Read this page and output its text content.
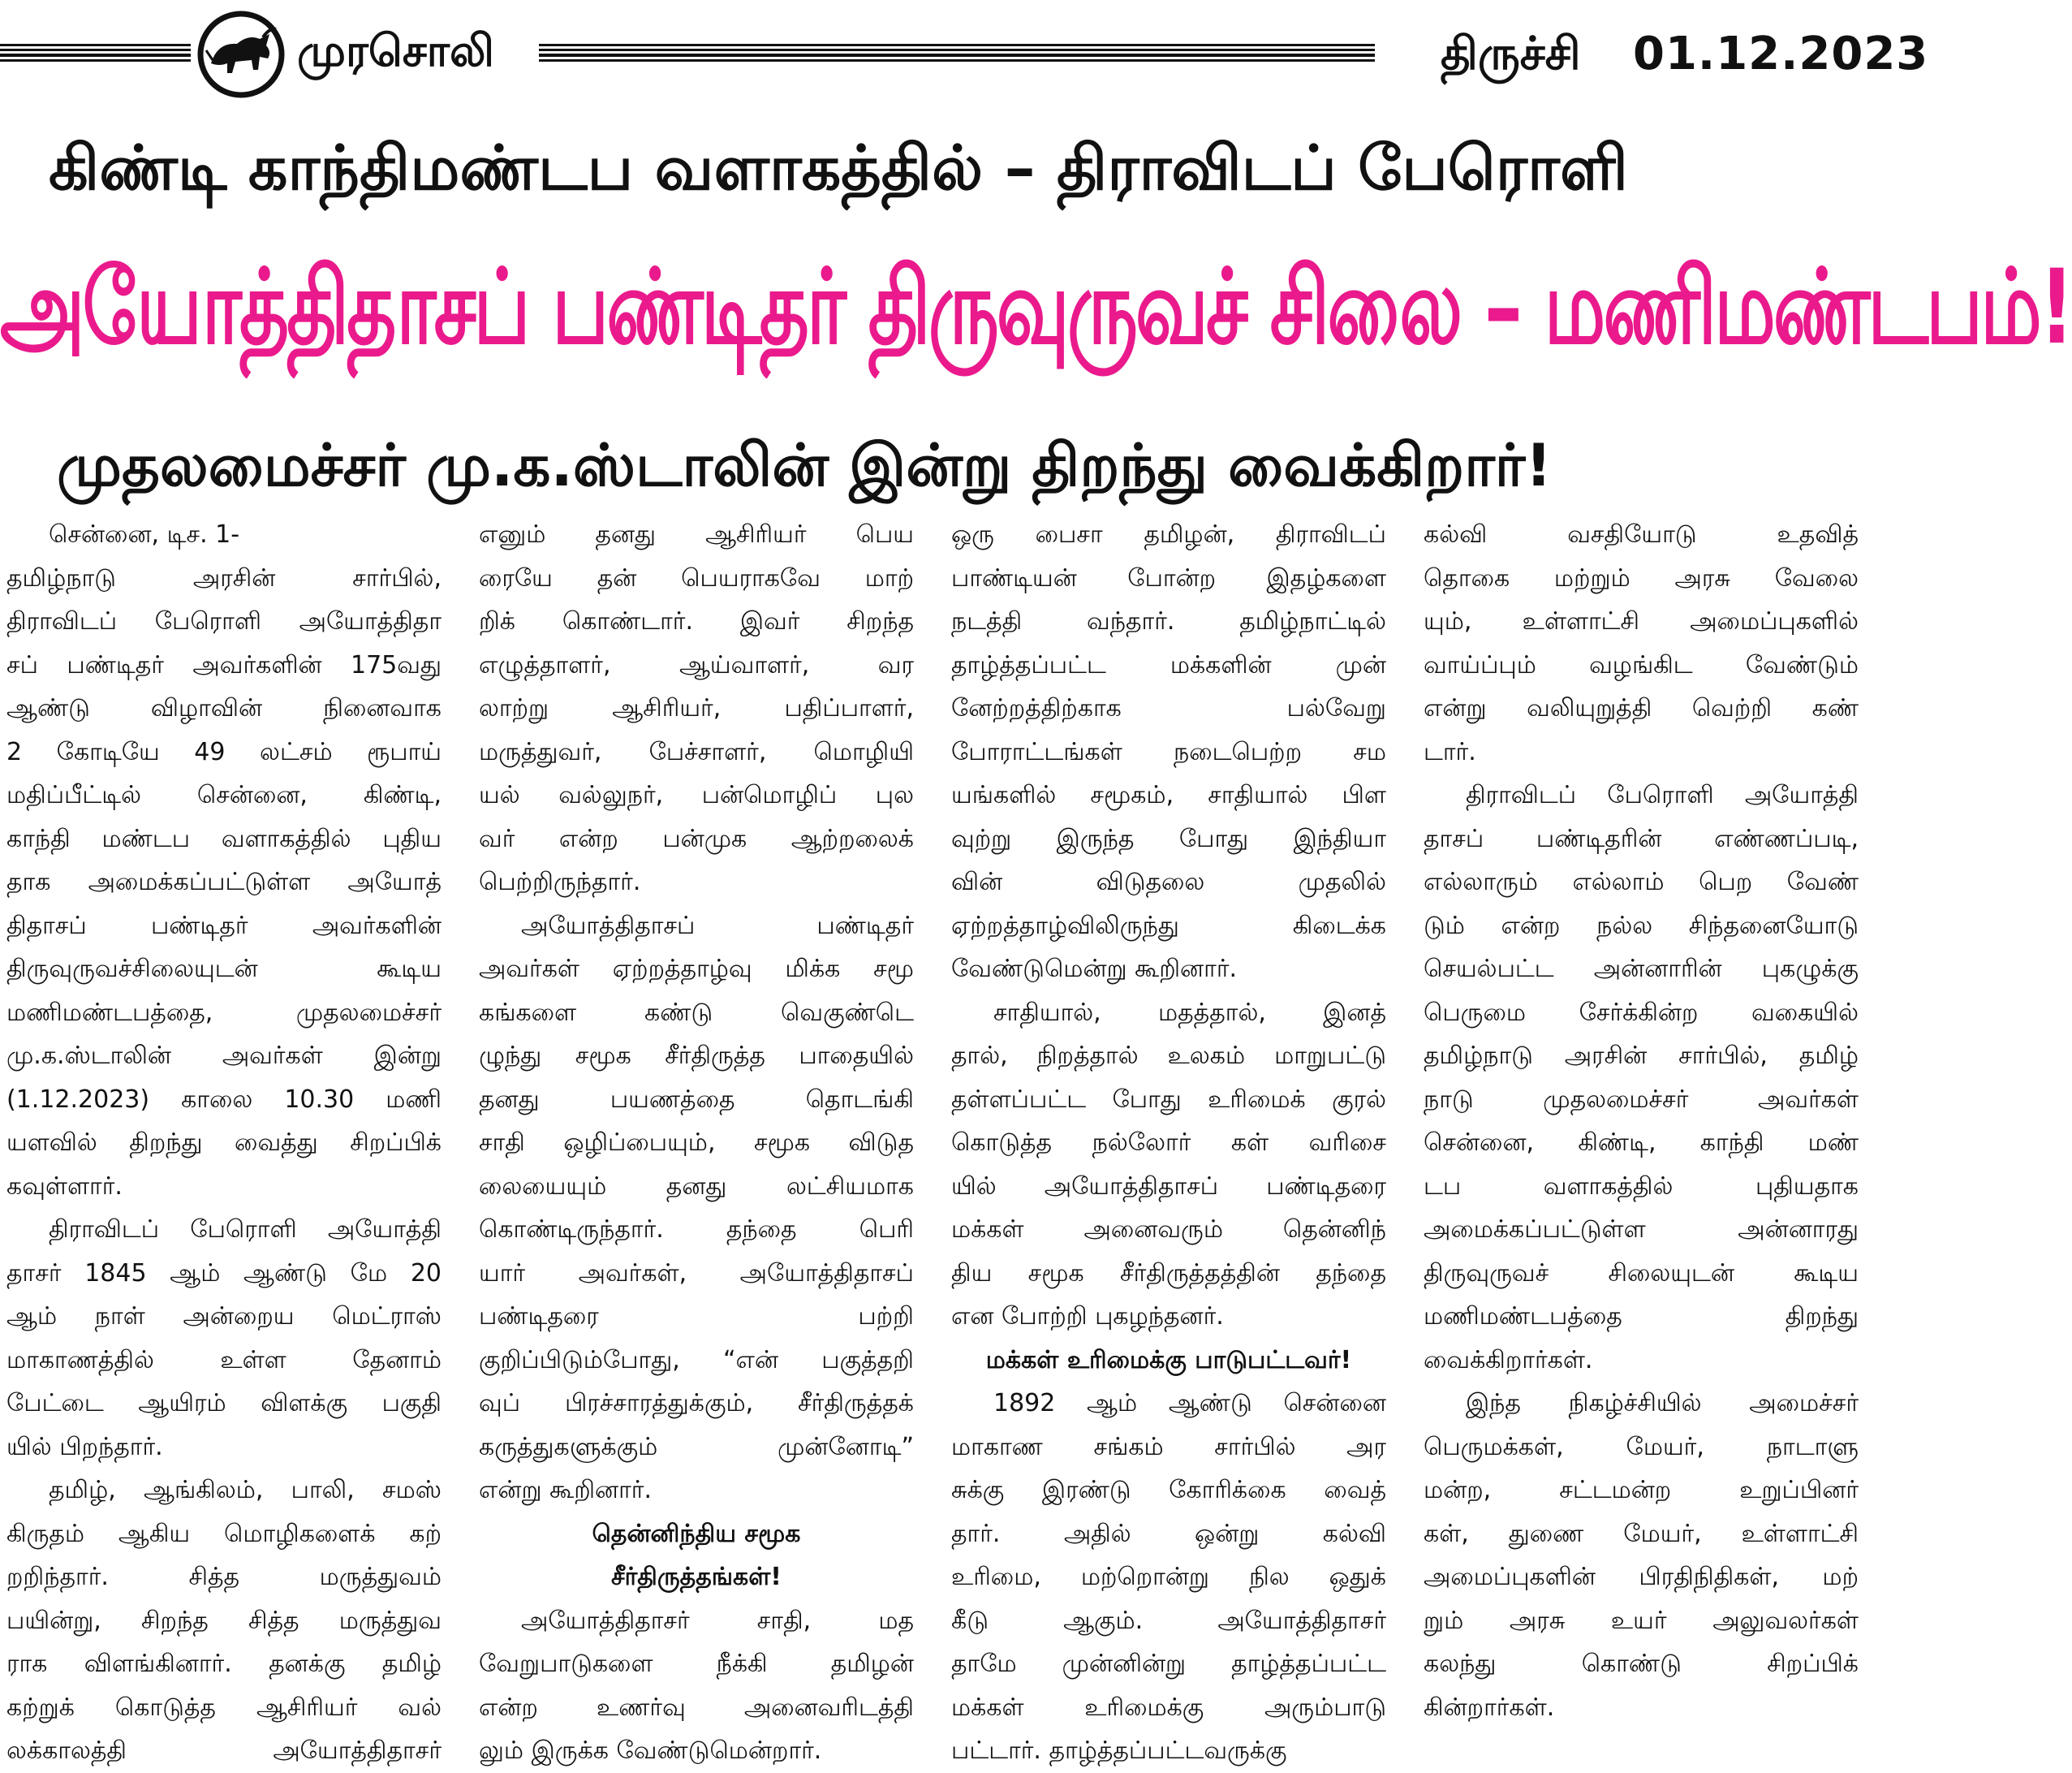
முரசொலி	திருச்சி 01.12.2023
கிண்டி காந்திமண்டப வளாகத்தில் – திராவிடப் பேரொளி
அயோத்திதாசப் பண்டிதர் திருவுருவச் சிலை – மணிமண்டபம்!
முதலமைச்சர் மு.க.ஸ்டாலின் இன்று திறந்து வைக்கிறார்!
சென்னை, டிச. 1-
தமிழ்நாடு அரசின் சார்பில்,
திராவிடப் பேரொளி அயோத்திதா
சப் பண்டிதர் அவர்களின் 175வது
ஆண்டு விழாவின் நினைவாக
2 கோடியே 49 லட்சம் ரூபாய்
மதிப்பீட்டில் சென்னை, கிண்டி,
காந்தி மண்டப வளாகத்தில் புதிய
தாக அமைக்கப்பட்டுள்ள அயோத்
திதாசப் பண்டிதர் அவர்களின்
திருவுருவச்சிலையுடன் கூடிய
மணிமண்டபத்தை, முதலமைச்சர்
மு.க.ஸ்டாலின் அவர்கள் இன்று
(1.12.2023) காலை 10.30 மணி
யளவில் திறந்து வைத்து சிறப்பிக்
கவுள்ளார்.
திராவிடப் பேரொளி அயோத்தி
தாசர் 1845 ஆம் ஆண்டு மே 20
ஆம் நாள் அன்றைய மெட்ராஸ்
மாகாணத்தில் உள்ள தேனாம்
பேட்டை ஆயிரம் விளக்கு பகுதி
யில் பிறந்தார்.
தமிழ், ஆங்கிலம், பாலி, சமஸ்
கிருதம் ஆகிய மொழிகளைக் கற்
றறிந்தார். சித்த மருத்துவம்
பயின்று, சிறந்த சித்த மருத்துவ
ராக விளங்கினார். தனக்கு தமிழ்
கற்றுக் கொடுத்த ஆசிரியர் வல்
லக்காலத்தி அயோத்திதாசர்
எனும் தனது ஆசிரியர் பெய
ரையே தன் பெயராகவே மாற்
றிக் கொண்டார். இவர் சிறந்த
எழுத்தாளர், ஆய்வாளர், வர
லாற்று ஆசிரியர், பதிப்பாளர்,
மருத்துவர், பேச்சாளர், மொழியி
யல் வல்லுநர், பன்மொழிப் புல
வர் என்ற பன்முக ஆற்றலைக்
பெற்றிருந்தார்.
அயோத்திதாசப் பண்டிதர்
அவர்கள் ஏற்றத்தாழ்வு மிக்க சமூ
கங்களை கண்டு வெகுண்டெ
ழுந்து சமூக சீர்திருத்த பாதையில்
தனது பயணத்தை தொடங்கி
சாதி ஒழிப்பையும், சமூக விடுத
லையையும் தனது லட்சியமாக
கொண்டிருந்தார். தந்தை பெரி
யார் அவர்கள், அயோத்திதாசப்
பண்டிதரை பற்றி
குறிப்பிடும்போது, “என் பகுத்தறி
வுப் பிரச்சாரத்துக்கும், சீர்திருத்தக்
கருத்துகளுக்கும் முன்னோடி”
என்று கூறினார்.
தென்னிந்திய சமூக
சீர்திருத்தங்கள்!
அயோத்திதாசர் சாதி, மத
வேறுபாடுகளை நீக்கி தமிழன்
என்ற உணர்வு அனைவரிடத்தி
லும் இருக்க வேண்டுமென்றார்.
ஒரு பைசா தமிழன், திராவிடப்
பாண்டியன் போன்ற இதழ்களை
நடத்தி வந்தார். தமிழ்நாட்டில்
தாழ்த்தப்பட்ட மக்களின் முன்
னேற்றத்திற்காக பல்வேறு
போராட்டங்கள் நடைபெற்ற சம
யங்களில் சமூகம், சாதியால் பிள
வுற்று இருந்த போது இந்தியா
வின் விடுதலை முதலில்
ஏற்றத்தாழ்விலிருந்து கிடைக்க
வேண்டுமென்று கூறினார்.
சாதியால், மதத்தால், இனத்
தால், நிறத்தால் உலகம் மாறுபட்டு
தள்ளப்பட்ட போது உரிமைக் குரல்
கொடுத்த நல்லோர் கள் வரிசை
யில் அயோத்திதாசப் பண்டிதரை
மக்கள் அனைவரும் தென்னிந்
திய சமூக சீர்திருத்தத்தின் தந்தை
என போற்றி புகழந்தனர்.
மக்கள் உரிமைக்கு பாடுபட்டவர்!
1892 ஆம் ஆண்டு சென்னை
மாகாண சங்கம் சார்பில் அர
சுக்கு இரண்டு கோரிக்கை வைத்
தார். அதில் ஒன்று கல்வி
உரிமை, மற்றொன்று நில ஒதுக்
கீடு ஆகும். அயோத்திதாசர்
தாமே முன்னின்று தாழ்த்தப்பட்ட
மக்கள் உரிமைக்கு அரும்பாடு
பட்டார். தாழ்த்தப்பட்டவருக்கு
கல்வி வசதியோடு உதவித்
தொகை மற்றும் அரசு வேலை
யும், உள்ளாட்சி அமைப்புகளில்
வாய்ப்பும் வழங்கிட வேண்டும்
என்று வலியுறுத்தி வெற்றி கண்
டார்.
திராவிடப் பேரொளி அயோத்தி
தாசப் பண்டிதரின் எண்ணப்படி,
எல்லாரும் எல்லாம் பெற வேண்
டும் என்ற நல்ல சிந்தனையோடு
செயல்பட்ட அன்னாரின் புகழுக்கு
பெருமை சேர்க்கின்ற வகையில்
தமிழ்நாடு அரசின் சார்பில், தமிழ்
நாடு முதலமைச்சர் அவர்கள்
சென்னை, கிண்டி, காந்தி மண்
டப வளாகத்தில் புதியதாக
அமைக்கப்பட்டுள்ள அன்னாரது
திருவுருவச் சிலையுடன் கூடிய
மணிமண்டபத்தை திறந்து
வைக்கிறார்கள்.
இந்த நிகழ்ச்சியில் அமைச்சர்
பெருமக்கள், மேயர், நாடாளு
மன்ற, சட்டமன்ற உறுப்பினர்
கள், துணை மேயர், உள்ளாட்சி
அமைப்புகளின் பிரதிநிதிகள், மற்
றும் அரசு உயர் அலுவலர்கள்
கலந்து கொண்டு சிறப்பிக்
கின்றார்கள்.
